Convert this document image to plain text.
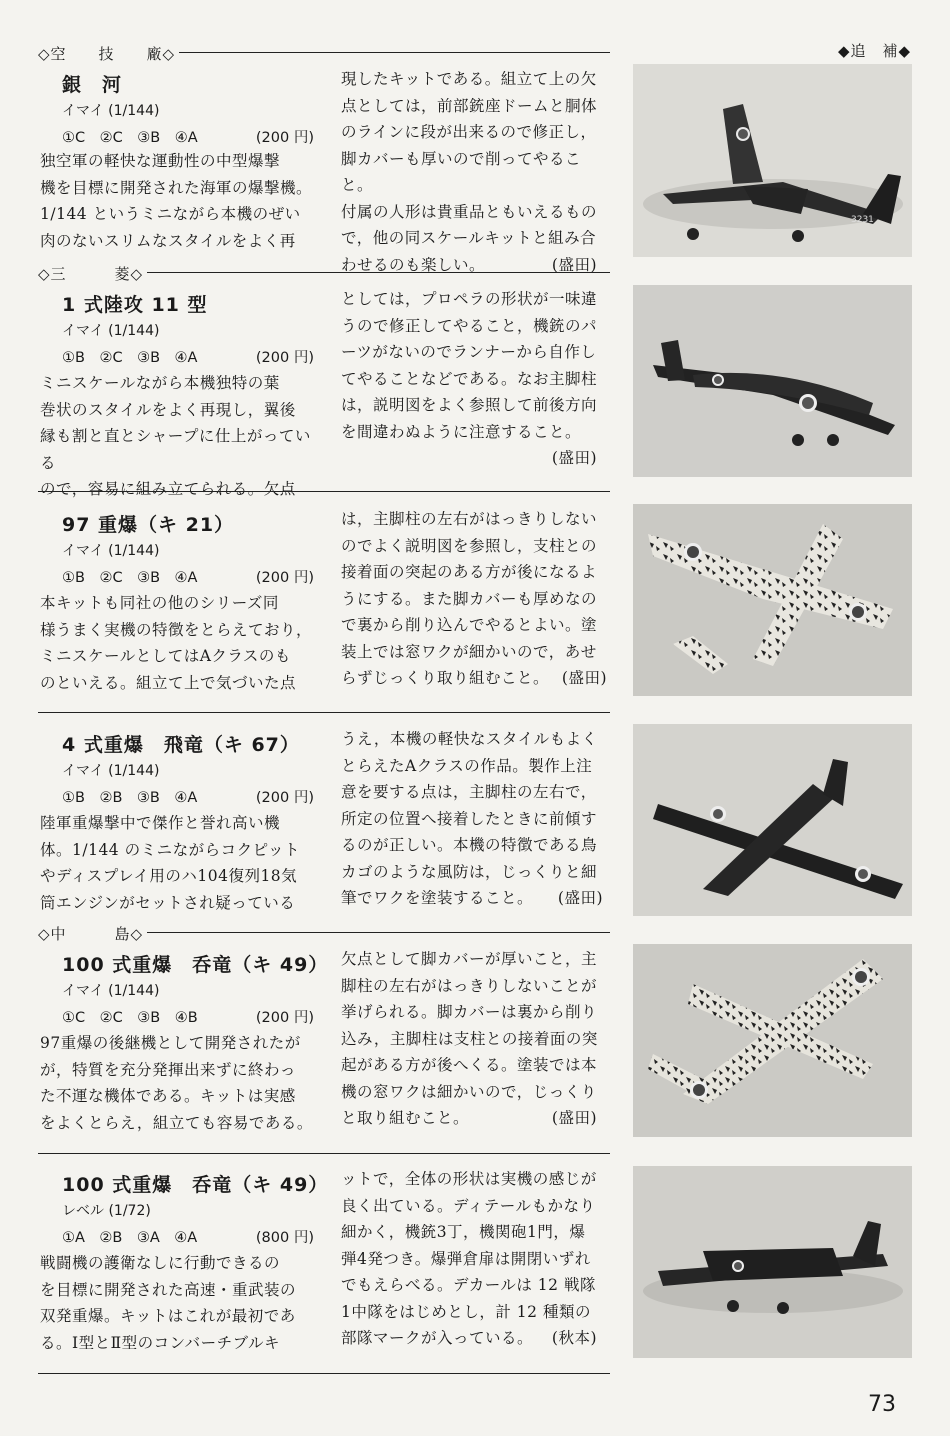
◆追　補◆
◇空　　技　　廠◇
銀　河
イマイ (1/144)
①C　②C　③B　④A	(200 円)
独空軍の軽快な運動性の中型爆撃
機を目標に開発された海軍の爆撃機。
1/144 というミニながら本機のぜい
肉のないスリムなスタイルをよく再
現したキットである。組立て上の欠
点としては，前部銃座ドームと胴体
のラインに段が出来るので修正し，
脚カバーも厚いので削ってやること。
付属の人形は貴重品ともいえるもの
で，他の同スケールキットと組み合
わせるのも楽しい。	(盛田)
3231
◇三　　　菱◇
1 式陸攻 11 型
イマイ (1/144)
①B　②C　③B　④A	(200 円)
ミニスケールながら本機独特の葉
巻状のスタイルをよく再現し，翼後
縁も割と直とシャープに仕上がっている
ので，容易に組み立てられる。欠点
としては，プロペラの形状が一味違
うので修正してやること，機銃のパ
ーツがないのでランナーから自作し
てやることなどである。なお主脚柱
は，説明図をよく参照して前後方向
を間違わぬように注意すること。
(盛田)
97 重爆（キ 21）
イマイ (1/144)
①B　②C　③B　④A	(200 円)
本キットも同社の他のシリーズ同
様うまく実機の特徴をとらえており，
ミニスケールとしてはAクラスのも
のといえる。組立て上で気づいた点
は，主脚柱の左右がはっきりしない
のでよく説明図を参照し，支柱との
接着面の突起のある方が後になるよ
うにする。また脚カバーも厚めなの
で裏から削り込んでやるとよい。塗
装上では窓ワクが細かいので，あせ
らずじっくり取り組むこと。 (盛田)
4 式重爆　飛竜（キ 67）
イマイ (1/144)
①B　②B　③B　④A	(200 円)
陸軍重爆撃中で傑作と誉れ高い機
体。1/144 のミニながらコクピット
やディスプレイ用のハ104復列18気
筒エンジンがセットされ疑っている
うえ，本機の軽快なスタイルもよく
とらえたAクラスの作品。製作上注
意を要する点は，主脚柱の左右で，
所定の位置へ接着したときに前傾す
るのが正しい。本機の特徴である鳥
カゴのような風防は，じっくりと細
筆でワクを塗装すること。 (盛田)
◇中　　　島◇
100 式重爆　呑竜（キ 49）
イマイ (1/144)
①C　②C　③B　④B	(200 円)
97重爆の後継機として開発されたが
が，特質を充分発揮出来ずに終わっ
た不運な機体である。キットは実感
をよくとらえ，組立ても容易である。
欠点として脚カバーが厚いこと，主
脚柱の左右がはっきりしないことが
挙げられる。脚カバーは裏から削り
込み，主脚柱は支柱との接着面の突
起がある方が後へくる。塗装では本
機の窓ワクは細かいので，じっくり
と取り組むこと。	(盛田)
100 式重爆　呑竜（キ 49）
レベル (1/72)
①A　②B　③A　④A	(800 円)
戦闘機の護衛なしに行動できるの
を目標に開発された高速・重武装の
双発重爆。キットはこれが最初であ
る。Ⅰ型とⅡ型のコンバーチブルキ
ットで，全体の形状は実機の感じが
良く出ている。ディテールもかなり
細かく，機銃3丁，機関砲1門，爆
弾4発つき。爆弾倉扉は開閉いずれ
でもえらべる。デカールは 12 戦隊
1中隊をはじめとし，計 12 種類の
部隊マークが入っている。 (秋本)
73
